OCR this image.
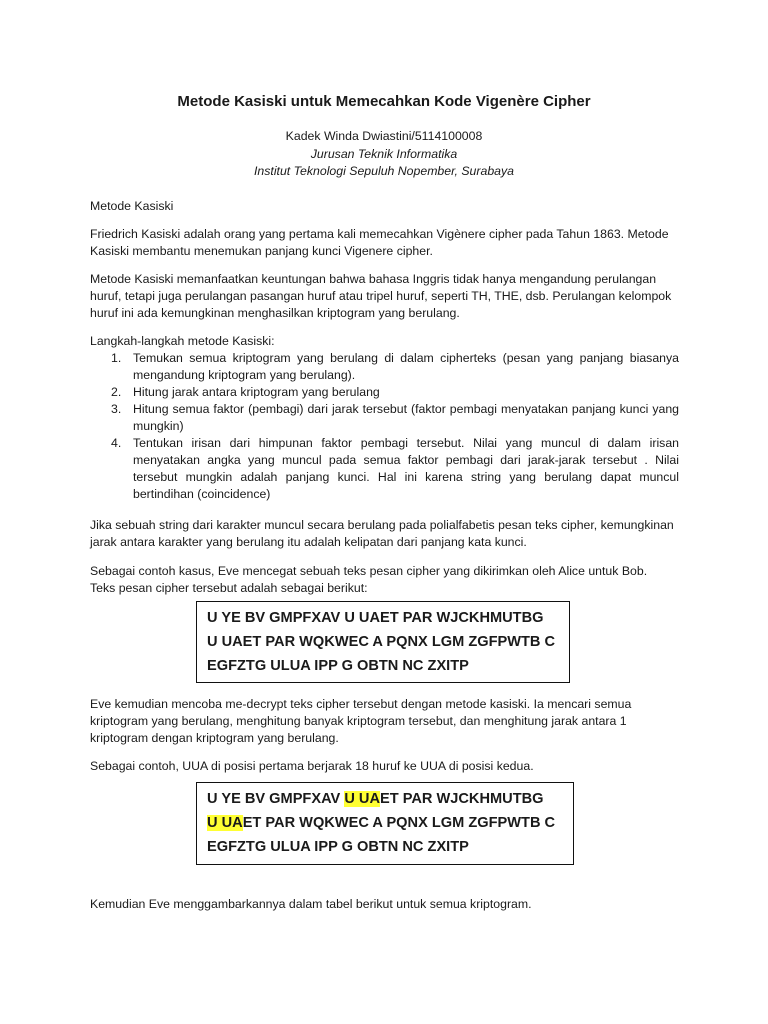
Metode Kasiski untuk Memecahkan Kode Vigenère Cipher
Kadek Winda Dwiastini/5114100008
Jurusan Teknik Informatika
Institut Teknologi Sepuluh Nopember, Surabaya
Metode Kasiski
Friedrich Kasiski adalah orang yang pertama kali memecahkan Vigènere cipher pada Tahun 1863. Metode Kasiski membantu menemukan panjang kunci Vigenere cipher.
Metode Kasiski memanfaatkan keuntungan bahwa bahasa Inggris tidak hanya mengandung perulangan huruf, tetapi juga perulangan pasangan huruf atau tripel huruf, seperti TH, THE, dsb. Perulangan kelompok huruf ini ada kemungkinan menghasilkan kriptogram yang berulang.
Langkah-langkah metode Kasiski:
1. Temukan semua kriptogram yang berulang di dalam cipherteks (pesan yang panjang biasanya mengandung kriptogram yang berulang).
2. Hitung jarak antara kriptogram yang berulang
3. Hitung semua faktor (pembagi) dari jarak tersebut (faktor pembagi menyatakan panjang kunci yang mungkin)
4. Tentukan irisan dari himpunan faktor pembagi tersebut. Nilai yang muncul di dalam irisan menyatakan angka yang muncul pada semua faktor pembagi dari jarak-jarak tersebut . Nilai tersebut mungkin adalah panjang kunci. Hal ini karena string yang berulang dapat muncul bertindihan (coincidence)
Jika sebuah string dari karakter muncul secara berulang pada polialfabetis pesan teks cipher, kemungkinan jarak antara karakter yang berulang itu adalah kelipatan dari panjang kata kunci.
Sebagai contoh kasus, Eve mencegat sebuah teks pesan cipher yang dikirimkan oleh Alice untuk Bob.
Teks pesan cipher tersebut adalah sebagai berikut:
U YE BV GMPFXAV U UAET PAR WJCKHMUTBG
U UAET PAR WQKWEC A PQNX LGM ZGFPWTB C
EGFZTG ULUA IPP G OBTN NC ZXITP
Eve kemudian mencoba me-decrypt teks cipher tersebut dengan metode kasiski. Ia mencari semua kriptogram yang berulang, menghitung banyak kriptogram tersebut, dan menghitung jarak antara 1 kriptogram dengan kriptogram yang berulang.
Sebagai contoh, UUA di posisi pertama berjarak 18 huruf ke UUA di posisi kedua.
U YE BV GMPFXAV U UAET PAR WJCKHMUTBG
U UAET PAR WQKWEC A PQNX LGM ZGFPWTB C
EGFZTG ULUA IPP G OBTN NC ZXITP
Kemudian Eve menggambarkannya dalam tabel berikut untuk semua kriptogram.
